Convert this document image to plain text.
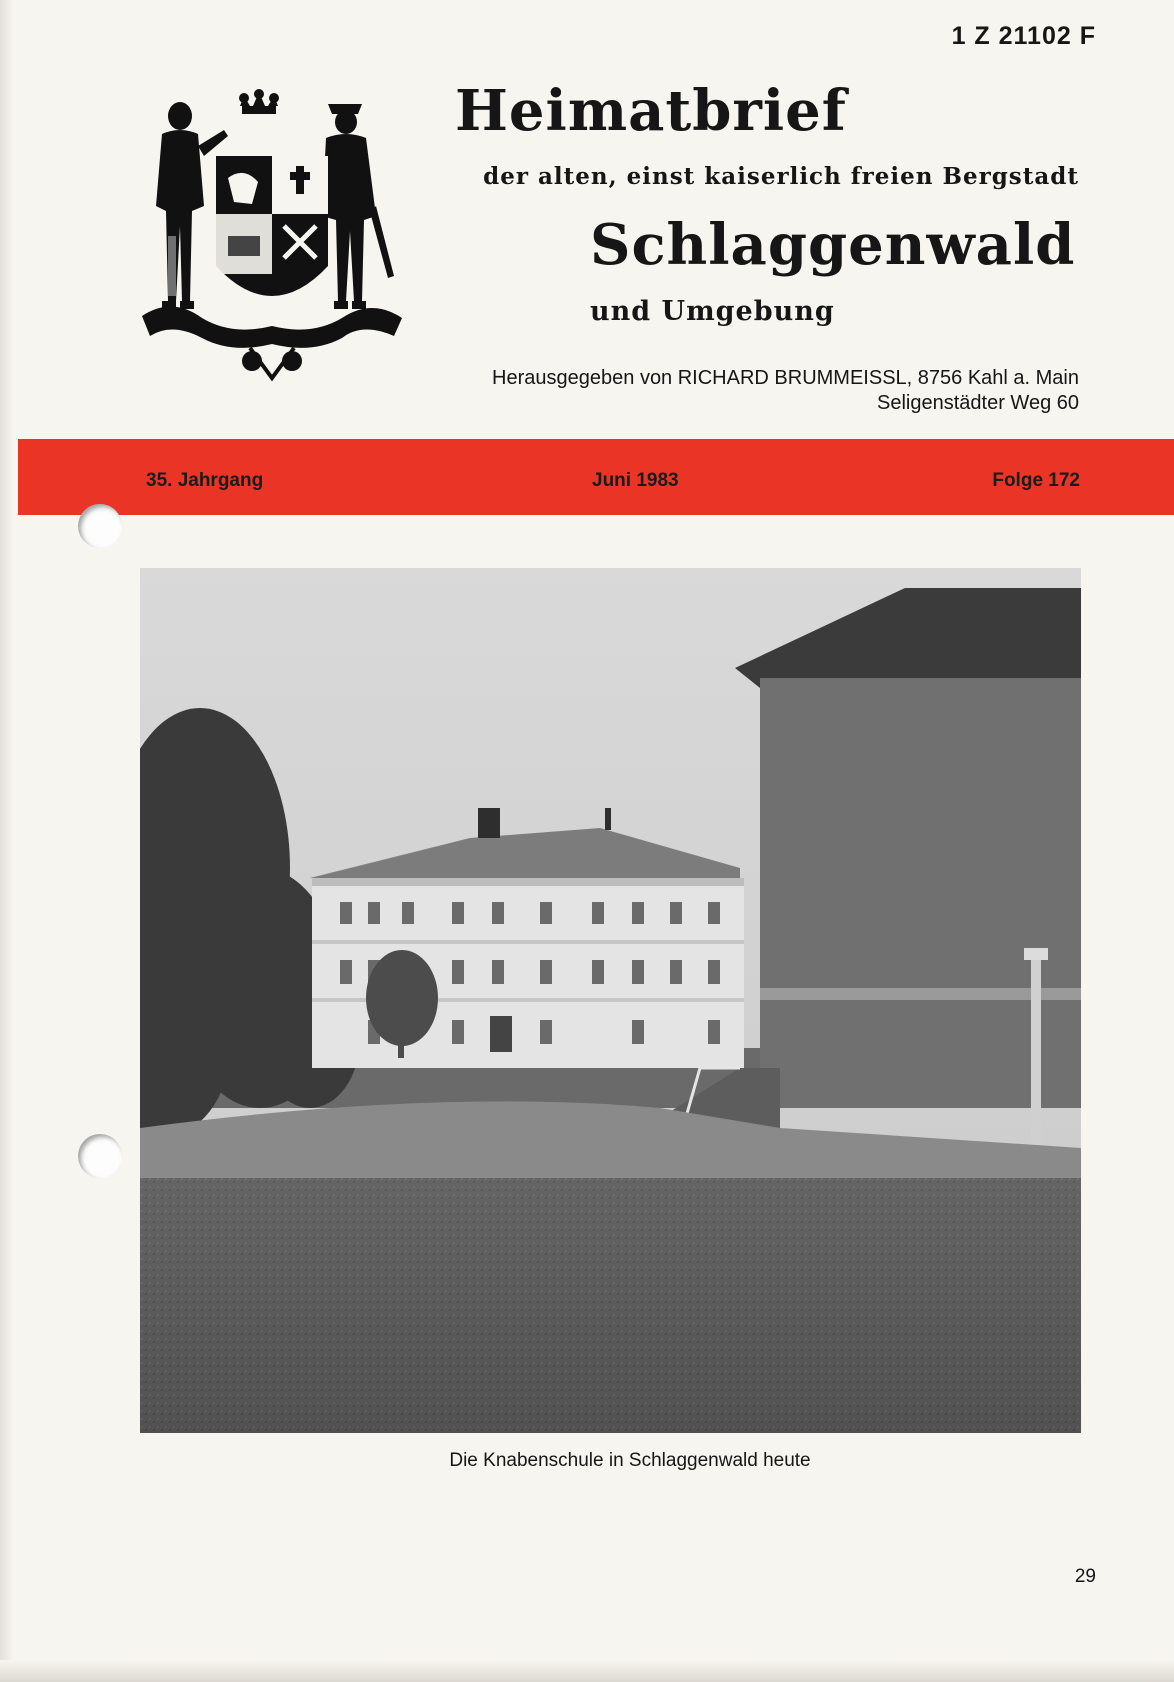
1 Z 21102 F
Heimatbrief
der alten, einst kaiserlich freien Bergstadt
Schlaggenwald
und Umgebung
Herausgegeben von RICHARD BRUMMEISSL, 8756 Kahl a. Main
Seligenstädter Weg 60
35. Jahrgang	Juni 1983	Folge 172
Die Knabenschule in Schlaggenwald heute
29
